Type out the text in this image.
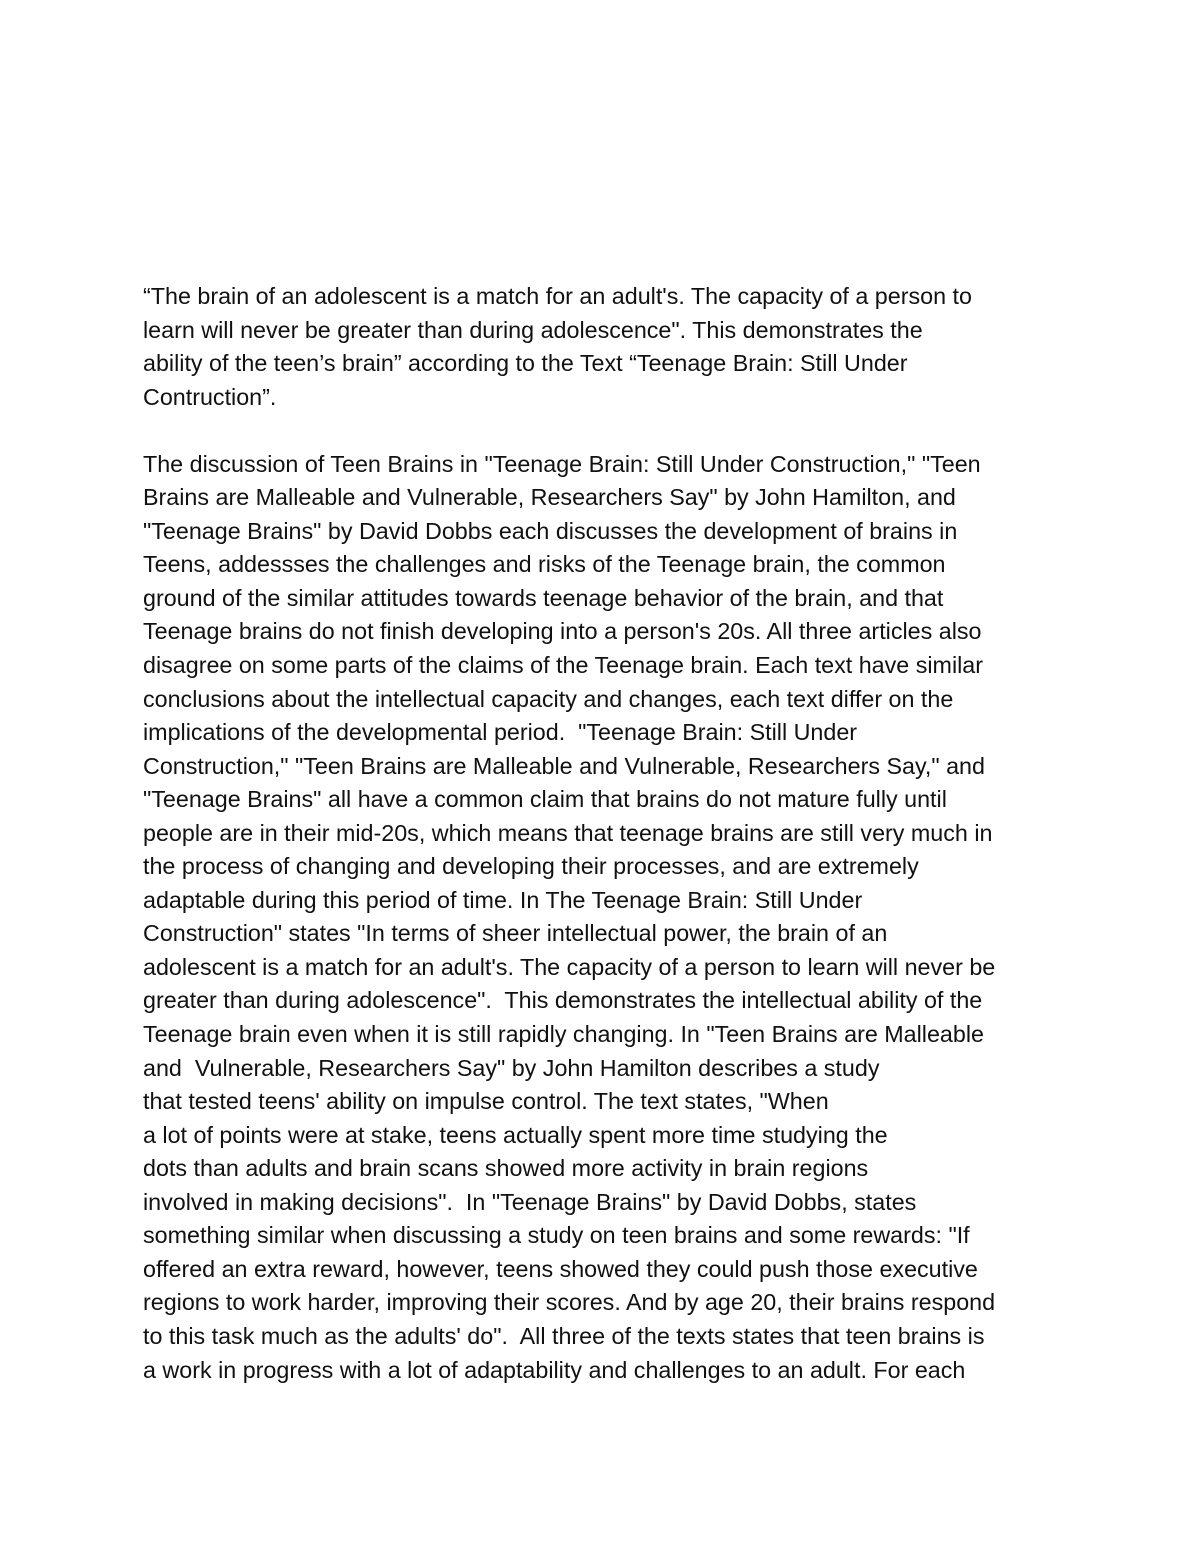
“The brain of an adolescent is a match for an adult's. The capacity of a person to
learn will never be greater than during adolescence". This demonstrates the
ability of the teen’s brain” according to the Text “Teenage Brain: Still Under
Contruction”.
The discussion of Teen Brains in "Teenage Brain: Still Under Construction," "Teen
Brains are Malleable and Vulnerable, Researchers Say" by John Hamilton, and
"Teenage Brains" by David Dobbs each discusses the development of brains in
Teens, addessses the challenges and risks of the Teenage brain, the common
ground of the similar attitudes towards teenage behavior of the brain, and that
Teenage brains do not finish developing into a person's 20s. All three articles also
disagree on some parts of the claims of the Teenage brain. Each text have similar
conclusions about the intellectual capacity and changes, each text differ on the
implications of the developmental period.  "Teenage Brain: Still Under
Construction," "Teen Brains are Malleable and Vulnerable, Researchers Say," and
"Teenage Brains" all have a common claim that brains do not mature fully until
people are in their mid-20s, which means that teenage brains are still very much in
the process of changing and developing their processes, and are extremely
adaptable during this period of time. In The Teenage Brain: Still Under
Construction" states "In terms of sheer intellectual power, the brain of an
adolescent is a match for an adult's. The capacity of a person to learn will never be
greater than during adolescence".  This demonstrates the intellectual ability of the
Teenage brain even when it is still rapidly changing. In "Teen Brains are Malleable
and  Vulnerable, Researchers Say" by John Hamilton describes a study
that tested teens' ability on impulse control. The text states, "When
a lot of points were at stake, teens actually spent more time studying the
dots than adults and brain scans showed more activity in brain regions
involved in making decisions".  In "Teenage Brains" by David Dobbs, states
something similar when discussing a study on teen brains and some rewards: "If
offered an extra reward, however, teens showed they could push those executive
regions to work harder, improving their scores. And by age 20, their brains respond
to this task much as the adults' do".  All three of the texts states that teen brains is
a work in progress with a lot of adaptability and challenges to an adult. For each
